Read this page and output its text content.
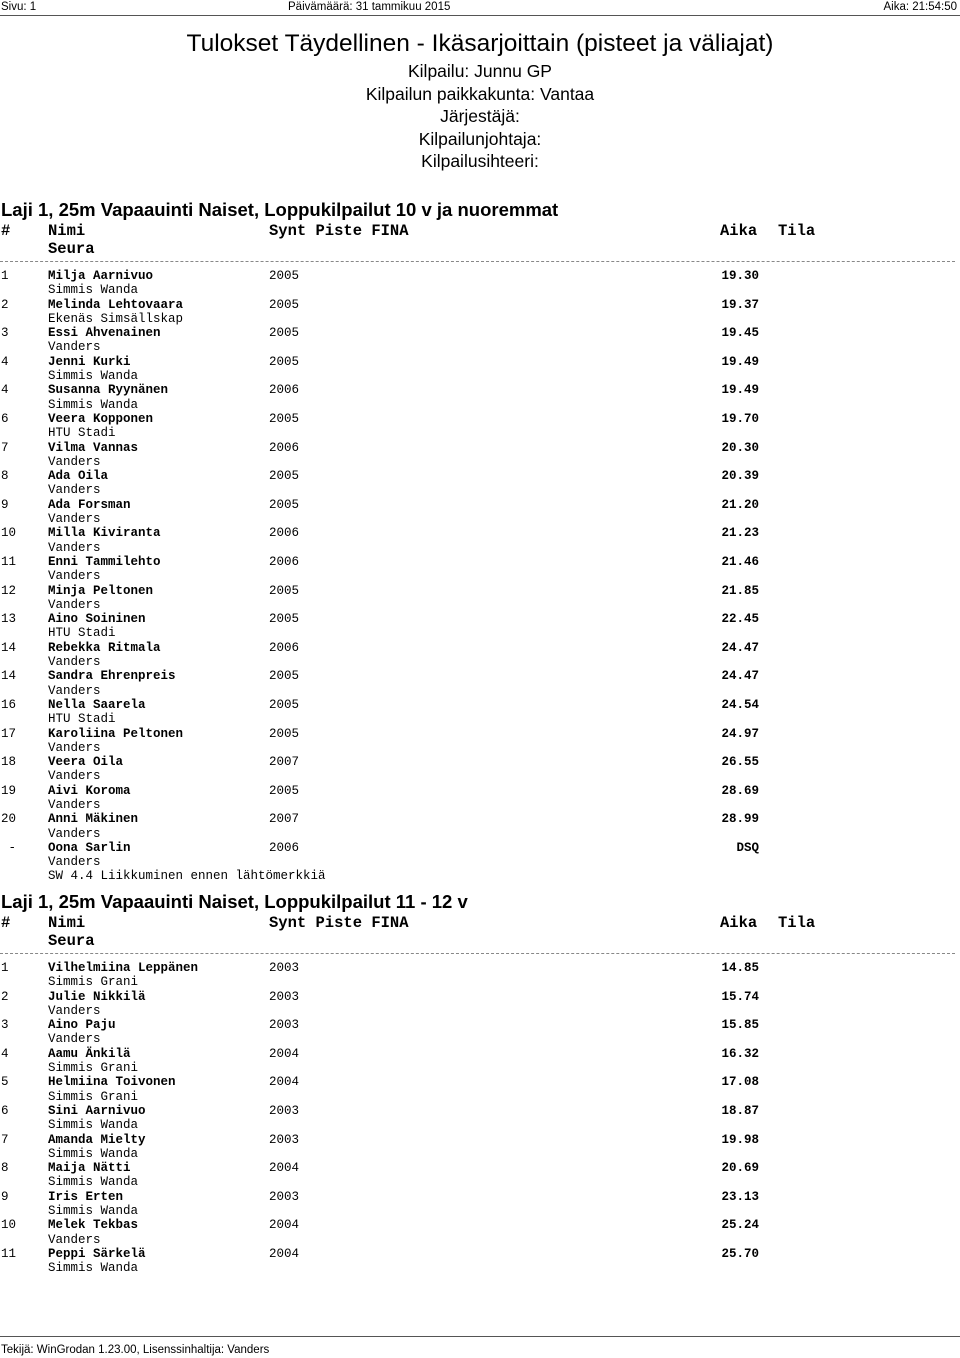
Sivu: 1	Päivämäärä: 31 tammikuu 2015	Aika: 21:54:50
Tulokset Täydellinen - Ikäsarjoittain (pisteet ja väliajat)
Kilpailu: Junnu GP
Kilpailun paikkakunta: Vantaa
Järjestäjä:
Kilpailunjohtaja:
Kilpailusihteeri:
Laji 1, 25m Vapaauinti Naiset, Loppukilpailut 10 v ja nuoremmat
# Nimi	Synt Piste FINA	Aika Tila
Seura
1	Milja Aarnivuo	2005	19.30
Simmis Wanda
2	Melinda Lehtovaara	2005	19.37
Ekenäs Simsällskap
3	Essi Ahvenainen	2005	19.45
Vanders
4	Jenni Kurki	2005	19.49
Simmis Wanda
4	Susanna Ryynänen	2006	19.49
Simmis Wanda
6	Veera Kopponen	2005	19.70
HTU Stadi
7	Vilma Vannas	2006	20.30
Vanders
8	Ada Oila	2005	20.39
Vanders
9	Ada Forsman	2005	21.20
Vanders
10	Milla Kiviranta	2006	21.23
Vanders
11	Enni Tammilehto	2006	21.46
Vanders
12	Minja Peltonen	2005	21.85
Vanders
13	Aino Soininen	2005	22.45
HTU Stadi
14	Rebekka Ritmala	2006	24.47
Vanders
14	Sandra Ehrenpreis	2005	24.47
Vanders
16	Nella Saarela	2005	24.54
HTU Stadi
17	Karoliina Peltonen	2005	24.97
Vanders
18	Veera Oila	2007	26.55
Vanders
19	Aivi Koroma	2005	28.69
Vanders
20	Anni Mäkinen	2007	28.99
Vanders
-	Oona Sarlin	2006	DSQ
Vanders
SW 4.4 Liikkuminen ennen lähtömerkkiä
Laji 1, 25m Vapaauinti Naiset, Loppukilpailut 11 - 12 v
# Nimi	Synt Piste FINA	Aika Tila
Seura
1	Vilhelmiina Leppänen	2003	14.85
Simmis Grani
2	Julie Nikkilä	2003	15.74
Vanders
3	Aino Paju	2003	15.85
Vanders
4	Aamu Änkilä	2004	16.32
Simmis Grani
5	Helmiina Toivonen	2004	17.08
Simmis Grani
6	Sini Aarnivuo	2003	18.87
Simmis Wanda
7	Amanda Mielty	2003	19.98
Simmis Wanda
8	Maija Nätti	2004	20.69
Simmis Wanda
9	Iris Erten	2003	23.13
Simmis Wanda
10	Melek Tekbas	2004	25.24
Vanders
11	Peppi Särkelä	2004	25.70
Simmis Wanda
Tekijä: WinGrodan 1.23.00, Lisenssinhaltija: Vanders
